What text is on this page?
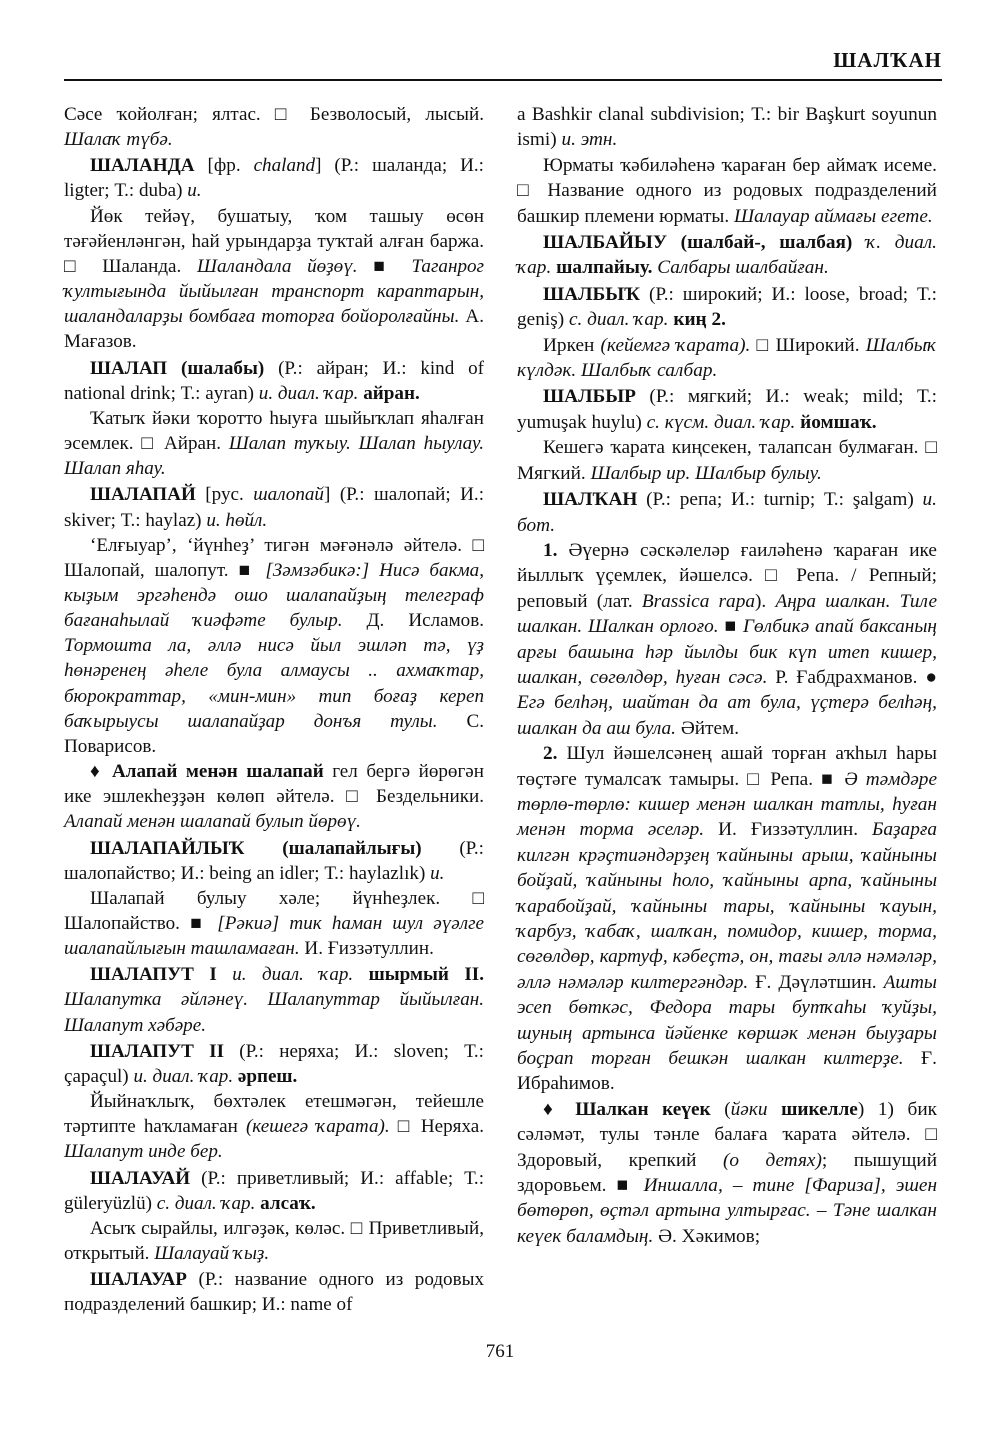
ШАЛҠАН

Сәсе ҡойолған; ялтас. □ Безволосый, лысый. Шалаҡ түбә.

ШАЛАНДА [фр. chaland] (Р.: шаланда; И.: ligter; Т.: duba) и.

Йөк тейәү, бушатыу, ҡом ташыу өсөн тәғәйенләнгән, һай урындарҙа туҡтай алған баржа. □ Шаланда. Шаландала йөҙөү. ■ Таганрог ҡултығында йыйылған транспорт караптарын, шаландаларҙы бомбаға тоторға бойоролғайны. А. Мағазов.

ШАЛАП (шалабы) (Р.: айран; И.: kind of national drink; Т.: ayran) и. диал. ҡар. айран.

Ҡатыҡ йәки ҡоротто һыуға шыйыҡлап яһалған эсемлек. □ Айран. Шалап туҡыу. Шалап һыулау. Шалап яһау.

ШАЛАПАЙ [рус. шалопай] (Р.: шалопай; И.: skiver; Т.: haylaz) и. һөйл.

‘Елғыуар’, ‘йүнһеҙ’ тигән мәғәнәлә әйтелә. □ Шалопай, шалопут. ■ [Зәмзәбикә:] Нисә бакма, кыҙым эргәһендә ошо шалапайҙың телеграф бағанаһылай ҡиәфәте булыр. Д. Исламов. Тормошта ла, әллә нисә йыл эшләп тә, үҙ һөнәренең әһеле була алмаусы .. ахмаҡтар, бюрократтар, «мин-мин» тип боғаҙ кереп баҡырыусы шалапайҙар донъя тулы. С. Поварисов.

♦ Алапай менән шалапай гел бергә йөрөгән ике эшлекһеҙҙән көлөп әйтелә. □ Бездельники. Алапай менән шалапай булып йөрөү.

ШАЛАПАЙЛЫҠ (шалапайлығы) (Р.: шалопайство; И.: being an idler; Т.: haylazlık) и.

Шалапай булыу хәле; йүнһеҙлек. □ Шалопайство. ■ [Рәкиә] тик һаман шул әүәлге шалапайлығын ташламаған. И. Ғиззәтуллин.

ШАЛАПУТ I и. диал. ҡар. шырмый II. Шалапутка әйләнеү. Шалапуттар йыйылған. Шалапут хәбәре.

ШАЛАПУТ II (Р.: неряха; И.: sloven; Т.: çapaçul) и. диал. ҡар. әрпеш.

Йыйнаҡлыҡ, бөхтәлек етешмәгән, тейешле тәртипте һаҡламаған (кешегә ҡарата). □ Неряха. Шалапут инде бер.

ШАЛАУАЙ (Р.: приветливый; И.: affable; Т.: güleryüzlü) с. диал. ҡар. алсаҡ.

Асыҡ сырайлы, илгәҙәк, көләс. □ Приветливый, открытый. Шалауай ҡыҙ.

ШАЛАУАР (Р.: название одного из родовых подразделений башкир; И.: name of

a Bashkir clanal subdivision; Т.: bir Başkurt soyunun ismi) и. этн.

Юрматы ҡәбиләһенә ҡараған бер аймаҡ исеме. □ Название одного из родовых подразделений башкир племени юрматы. Шалауар аймағы егете.

ШАЛБАЙЫУ (шалбай-, шалбая) ҡ. диал. ҡар. шалпайыу. Салбары шалбайған.

ШАЛБЫҠ (Р.: широкий; И.: loose, broad; Т.: geniş) с. диал. ҡар. киң 2.

Иркен (кейемгә ҡарата). □ Широкий. Шалбыҡ күлдәк. Шалбыҡ салбар.

ШАЛБЫР (Р.: мягкий; И.: weak; mild; Т.: yumuşak huylu) с. күсм. диал. ҡар. йомшаҡ.

Кешегә ҡарата киңсекен, талапсан булмаған. □ Мягкий. Шалбыр ир. Шалбыр булыу.

ШАЛҠАН (Р.: репа; И.: turnip; Т.: şalgam) и. бот.

1. Әүернә сәскәлеләр ғаиләһенә ҡараған ике йыллыҡ үҫемлек, йәшелсә. □ Репа. / Репный; реповый (лат. Brassica rapa). Аңра шалкан. Тиле шалкан. Шалкан орлоғо. ■ Гөлбикә апай баксаның арғы башына һәр йылды бик күп итеп кишер, шалкан, сөгөлдөр, һуған сәсә. Р. Ғабдрахманов. ● Егә белһәң, шайтан да ат була, үҫтерә белһәң, шалкан да аш була. Әйтем.

2. Шул йәшелсәнең ашай торған аҡһыл һары төҫтәге тумалсаҡ тамыры. □ Репа. ■ Ә тәмдәре төрлө-төрлө: кишер менән шалкан татлы, һуған менән торма әселәр. И. Ғиззәтуллин. Баҙарға килгән крәҫтиәндәрҙең ҡайныны арыш, ҡайныны бойҙай, ҡайныны һоло, ҡайныны арпа, ҡайныны ҡарабойҙай, ҡайныны тары, ҡайныны ҡауын, ҡарбуз, ҡабаҡ, шалҡан, помидор, кишер, торма, сөгөлдөр, картуф, кәбеҫтә, он, тағы әллә нәмәләр, әллә нәмәләр килтергәндәр. Ғ. Дәүләтшин. Ашты эсеп бөткәс, Федора тары бутҡаһы ҡуйҙы, шуның артынса йәйенке көршәк менән быуҙары боҫрап торған бешкән шалкан килтерҙе. Ғ. Ибраһимов.

♦ Шалкан кеүек (йәки шикелле) 1) бик сәләмәт, тулы тәнле балаға ҡарата әйтелә. □ Здоровый, крепкий (о детях); пышущий здоровьем. ■ Иншалла, – тине [Фариза], эшен бөтөрөп, өҫтәл артына ултырғас. – Тәне шалкан кеүек баламдың. Ә. Хәкимов;

761
